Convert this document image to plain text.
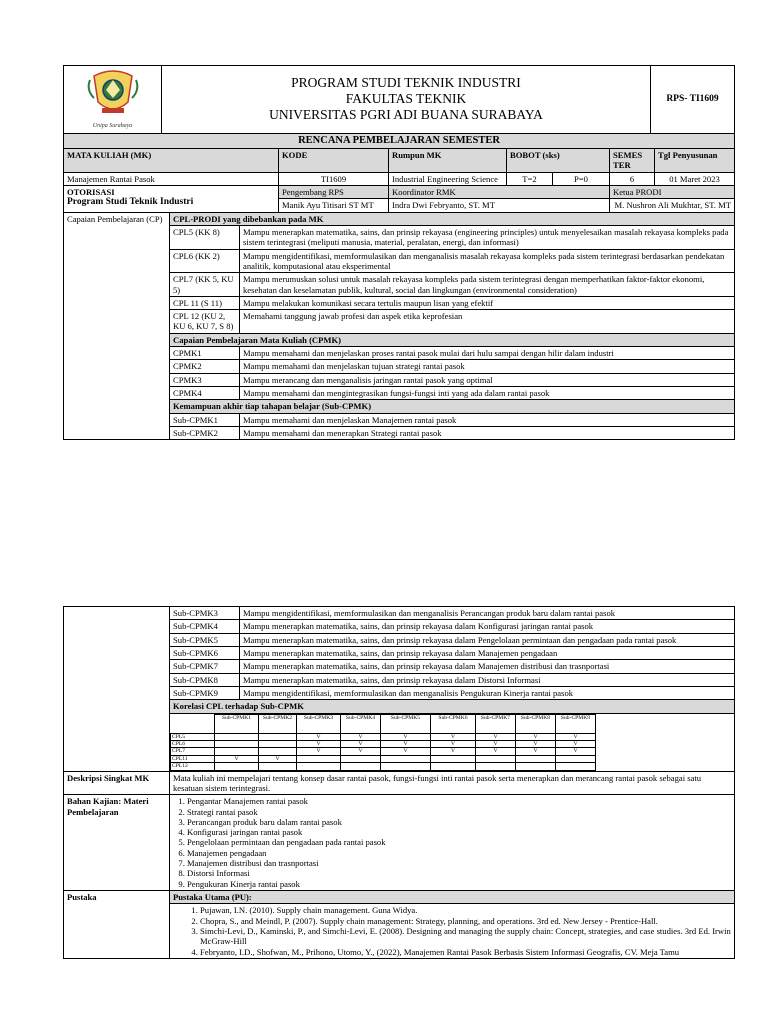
Unipa Surabaya

PROGRAM STUDI TEKNIK INDUSTRI
FAKULTAS TEKNIK
UNIVERSITAS PGRI ADI BUANA SURABAYA
	RPS- TI1609
RENCANA PEMBELAJARAN SEMESTER						
MATA KULIAH (MK)	KODE	Rumpun MK	BOBOT (sks)		SEMES TER	Tgl Penyusunan
Manajemen Rantai Pasok	TI1609	Industrial Engineering Science	T=2	P=0	6	01 Maret 2023

OTORISASI
Program Studi Teknik Industri	Pengembang RPS	Koordinator RMK			Ketua PRODI	
	Manik Ayu Titisari ST MT	Indra Dwi Febryanto, ST. MT			M. Nushron Ali Mukhtar, ST. MT	
Capaian Pembelajaran (CP)	CPL-PRODI yang dibebankan pada MK	
	CPL5 (KK 8)	Mampu menerapkan matematika, sains, dan prinsip rekayasa (engineering principles) untuk menyelesaikan masalah rekayasa kompleks pada sistem terintegrasi (meliputi manusia, material, peralatan, energi, dan informasi)
	CPL6 (KK 2)	Mampu mengidentifikasi, memformulasikan dan menganalisis masalah rekayasa kompleks pada sistem terintegrasi berdasarkan pendekatan analitik, komputasional atau eksperimental
	CPL7 (KK 5, KU 5)	Mampu merumuskan solusi untuk masalah rekayasa kompleks pada sistem terintegrasi dengan memperhatikan faktor-faktor ekonomi, kesehatan dan keselamatan publik, kultural, social dan lingkungan (environmental consideration)
	CPL 11 (S 11)	Mampu melakukan komunikasi secara tertulis maupun lisan yang efektif
	CPL 12 (KU 2, KU 6, KU 7, S 8)	Memahami tanggung jawab profesi dan aspek etika keprofesian
	Capaian Pembelajaran Mata Kuliah (CPMK)	
	CPMK1	Mampu memahami dan menjelaskan proses rantai pasok mulai dari hulu sampai dengan hilir dalam industri
	CPMK2	Mampu memahami dan menjelaskan tujuan strategi rantai pasok
	CPMK3	Mampu merancang dan menganalisis jaringan rantai pasok yang optimal
	CPMK4	Mampu memahami dan mengintegrasikan fungsi-fungsi inti yang ada dalam rantai pasok
	Kemampuan akhir tiap tahapan belajar (Sub-CPMK)	
	Sub-CPMK1	Mampu memahami dan menjelaskan Manajemen rantai pasok
	Sub-CPMK2	Mampu memahami dan menerapkan Strategi rantai pasok
	Sub-CPMK3	Mampu mengidentifikasi, memformulasikan dan menganalisis Perancangan produk baru dalam rantai pasok
Sub-CPMK4	Mampu menerapkan matematika, sains, dan prinsip rekayasa dalam Konfigurasi jaringan rantai pasok
Sub-CPMK5	Mampu menerapkan matematika, sains, dan prinsip rekayasa dalam Pengelolaan permintaan dan pengadaan pada rantai pasok
Sub-CPMK6	Mampu menerapkan matematika, sains, dan prinsip rekayasa dalam Manajemen pengadaan
Sub-CPMK7	Mampu menerapkan matematika, sains, dan prinsip rekayasa dalam Manajemen distribusi dan trasnportasi
Sub-CPMK8	Mampu menerapkan matematika, sains, dan prinsip rekayasa dalam Distorsi Informasi
Sub-CPMK9	Mampu mengidentifikasi, memformulasikan dan menganalisis Pengukuran Kinerja rantai pasok
Korelasi CPL terhadap Sub-CPMK

	Sub-CPMK1	Sub-CPMK2	Sub-CPMK3	Sub-CPMK4	Sub-CPMK5	Sub-CPMK6	Sub-CPMK7	Sub-CPMK8	Sub-CPMK9	
CPL5			V	V	V	V	V	V	V	
CPL6			V	V	V	V	V	V	V	
CPL7			V	V	V	V	V	V	V	
CPL11	V	V								
CPL12										

Deskripsi Singkat MK	Mata kuliah ini mempelajari tentang konsep dasar rantai pasok, fungsi-fungsi inti rantai pasok serta menerapkan dan merancang rantai pasok sebagai satu kesatuan sistem terintegrasi.
Bahan Kajian: Materi Pembelajaran	
1. Pengantar Manajemen rantai pasok
2. Strategi rantai pasok
3. Perancangan produk baru dalam rantai pasok
4. Konfigurasi jaringan rantai pasok
5. Pengelolaan permintaan dan pengadaan pada rantai pasok
6. Manajemen pengadaan
7. Manajemen distribusi dan trasnportasi
8. Distorsi Informasi
9. Pengukuran Kinerja rantai pasok

Pustaka	Pustaka Utama (PU):

1. Pujawan, I.N. (2010). Supply chain management. Guna Widya.
2. Chopra, S., and Meindl, P. (2007). Supply chain management: Strategy, planning, and operations. 3rd ed. New Jersey - Prentice-Hall.
3. Simchi-Levi, D., Kaminski, P., and Simchi-Levi, E. (2008). Designing and managing the supply chain: Concept, strategies, and case studies. 3rd Ed. Irwin McGraw-Hill
4. Febryanto, I.D., Shofwan, M., Prihono, Utomo, Y., (2022), Manajemen Rantai Pasok Berbasis Sistem Informasi Geografis, CV. Meja Tamu
